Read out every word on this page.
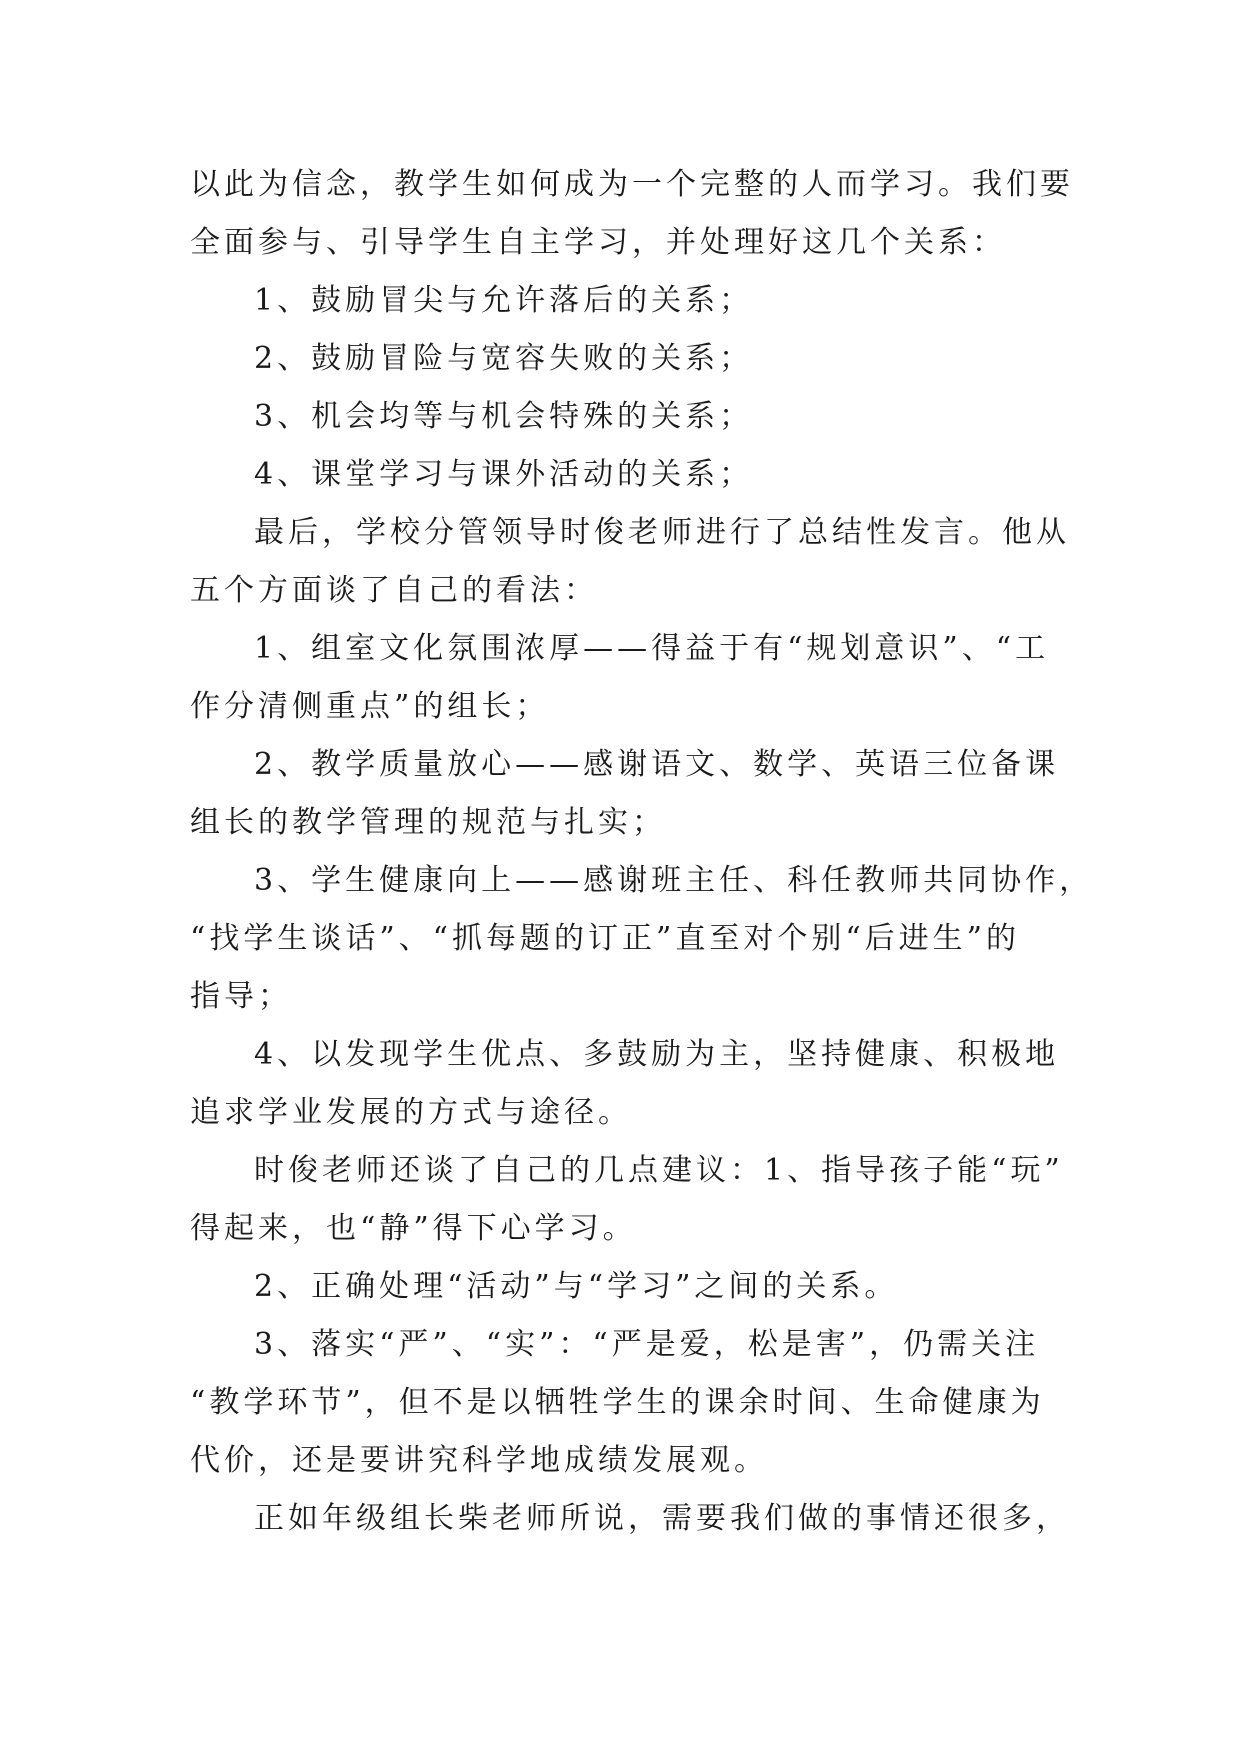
以此为信念，教学生如何成为一个完整的人而学习。我们要
全面参与、引导学生自主学习，并处理好这几个关系：
1、鼓励冒尖与允许落后的关系；
2、鼓励冒险与宽容失败的关系；
3、机会均等与机会特殊的关系；
4、课堂学习与课外活动的关系；
最后，学校分管领导时俊老师进行了总结性发言。他从
五个方面谈了自己的看法：
1、组室文化氛围浓厚——得益于有“规划意识”、“工
作分清侧重点”的组长；
2、教学质量放心——感谢语文、数学、英语三位备课
组长的教学管理的规范与扎实；
3、学生健康向上——感谢班主任、科任教师共同协作，
“找学生谈话”、“抓每题的订正”直至对个别“后进生”的
指导；
4、以发现学生优点、多鼓励为主，坚持健康、积极地
追求学业发展的方式与途径。
时俊老师还谈了自己的几点建议：1、指导孩子能“玩”
得起来，也“静”得下心学习。
2、正确处理“活动”与“学习”之间的关系。
3、落实“严”、“实”：“严是爱，松是害”，仍需关注
“教学环节”，但不是以牺牲学生的课余时间、生命健康为
代价，还是要讲究科学地成绩发展观。
正如年级组长柴老师所说，需要我们做的事情还很多，
